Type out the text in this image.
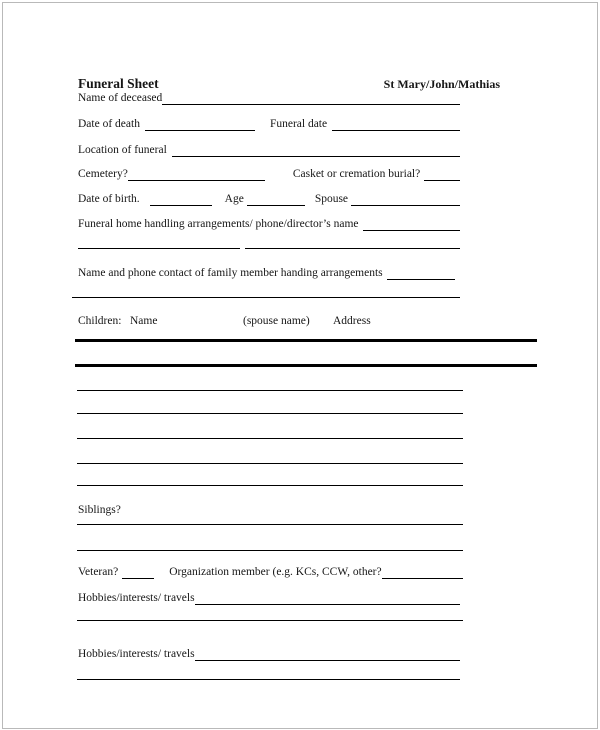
Funeral Sheet	St Mary/John/Mathias
Name of deceased
Date of death	Funeral date
Location of funeral
Cemetery?	Casket or cremation burial?
Date of birth.	Age	Spouse
Funeral home handling arrangements/ phone/director’s name
Name and phone contact of family member handing arrangements
Children: Name	(spouse name) Address
Siblings?
Veteran?	Organization member (e.g. KCs, CCW, other?
Hobbies/interests/ travels
Hobbies/interests/ travels
